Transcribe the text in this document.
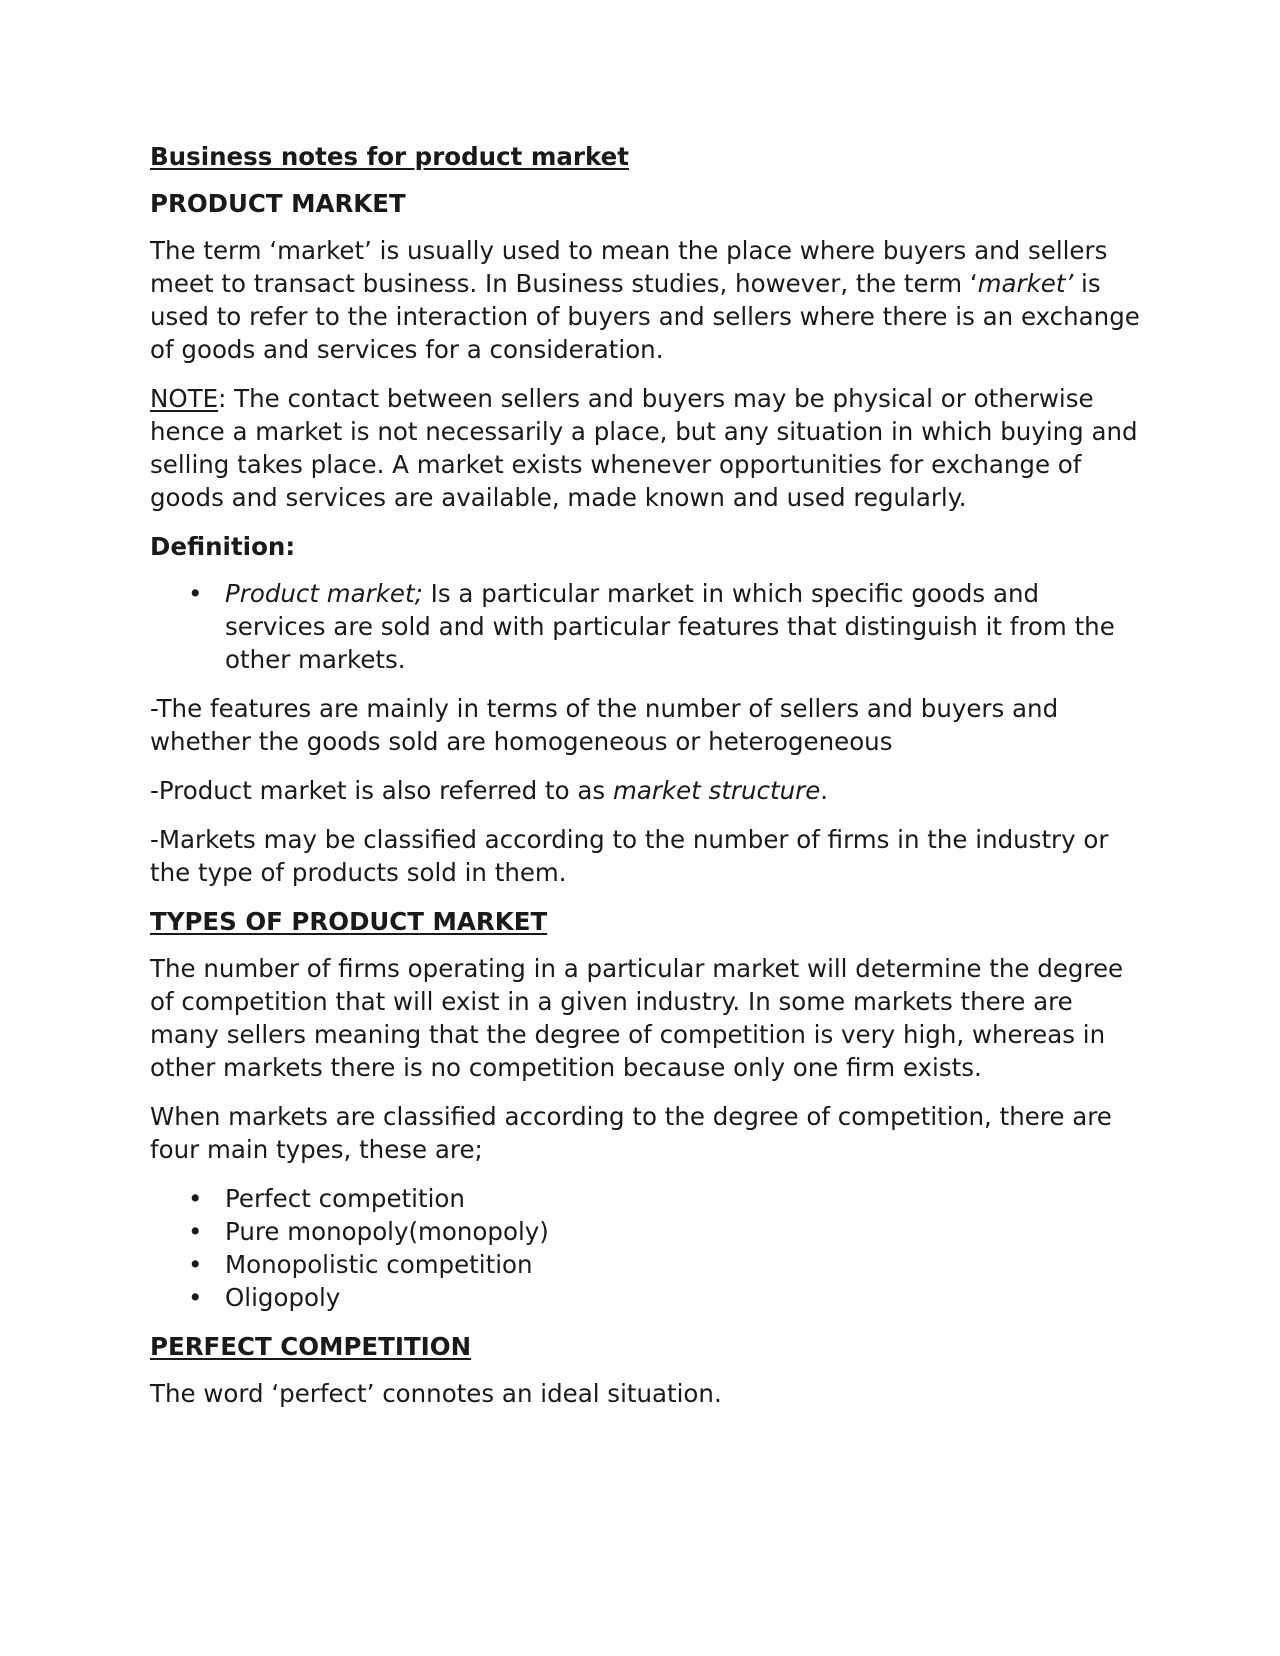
Business notes for product market

PRODUCT MARKET

The term ‘market’ is usually used to mean the place where buyers and sellers meet to transact business. In Business studies, however, the term ‘market’ is used to refer to the interaction of buyers and sellers where there is an exchange of goods and services for a consideration.

NOTE: The contact between sellers and buyers may be physical or otherwise hence a market is not necessarily a place, but any situation in which buying and selling takes place. A market exists whenever opportunities for exchange of goods and services are available, made known and used regularly.

Definition:

• Product market; Is a particular market in which specific goods and services are sold and with particular features that distinguish it from the other markets.

-The features are mainly in terms of the number of sellers and buyers and whether the goods sold are homogeneous or heterogeneous

-Product market is also referred to as market structure.

-Markets may be classified according to the number of firms in the industry or the type of products sold in them.

TYPES OF PRODUCT MARKET

The number of firms operating in a particular market will determine the degree of competition that will exist in a given industry. In some markets there are many sellers meaning that the degree of competition is very high, whereas in other markets there is no competition because only one firm exists.

When markets are classified according to the degree of competition, there are four main types, these are;

• Perfect competition
• Pure monopoly(monopoly)
• Monopolistic competition
• Oligopoly

PERFECT COMPETITION

The word ‘perfect’ connotes an ideal situation.
